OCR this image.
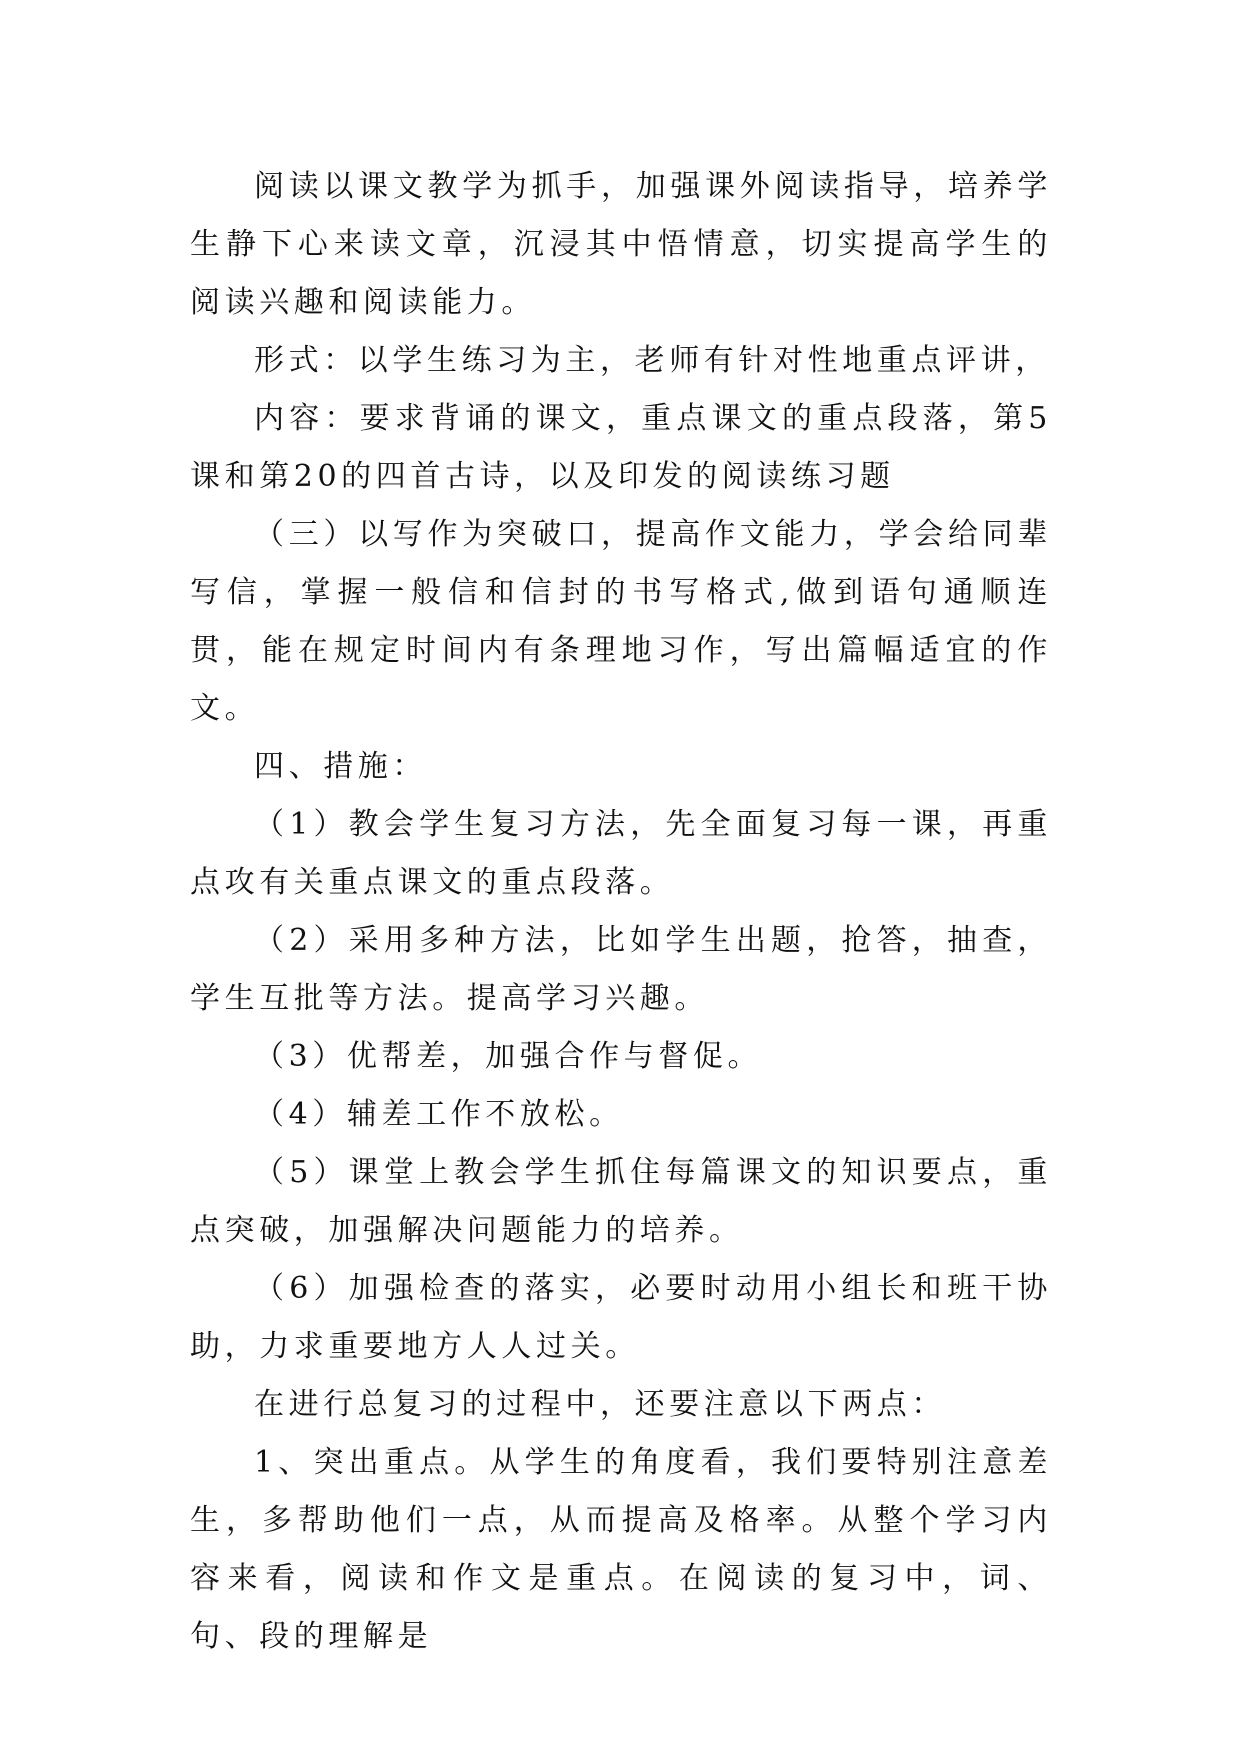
阅读以课文教学为抓手，加强课外阅读指导，培养学生静下心来读文章，沉浸其中悟情意，切实提高学生的阅读兴趣和阅读能力。

形式：以学生练习为主，老师有针对性地重点评讲，

内容：要求背诵的课文，重点课文的重点段落，第5课和第20的四首古诗，以及印发的阅读练习题

（三）以写作为突破口，提高作文能力，学会给同辈写信，掌握一般信和信封的书写格式,做到语句通顺连贯，能在规定时间内有条理地习作，写出篇幅适宜的作文。

四、措施：

（1）教会学生复习方法，先全面复习每一课，再重点攻有关重点课文的重点段落。

（2）采用多种方法，比如学生出题，抢答，抽查，学生互批等方法。提高学习兴趣。

（3）优帮差，加强合作与督促。

（4）辅差工作不放松。

（5）课堂上教会学生抓住每篇课文的知识要点，重点突破，加强解决问题能力的培养。

（6）加强检查的落实，必要时动用小组长和班干协助，力求重要地方人人过关。

在进行总复习的过程中，还要注意以下两点：

1、突出重点。从学生的角度看，我们要特别注意差生，多帮助他们一点，从而提高及格率。从整个学习内容来看，阅读和作文是重点。在阅读的复习中，词、句、段的理解是
